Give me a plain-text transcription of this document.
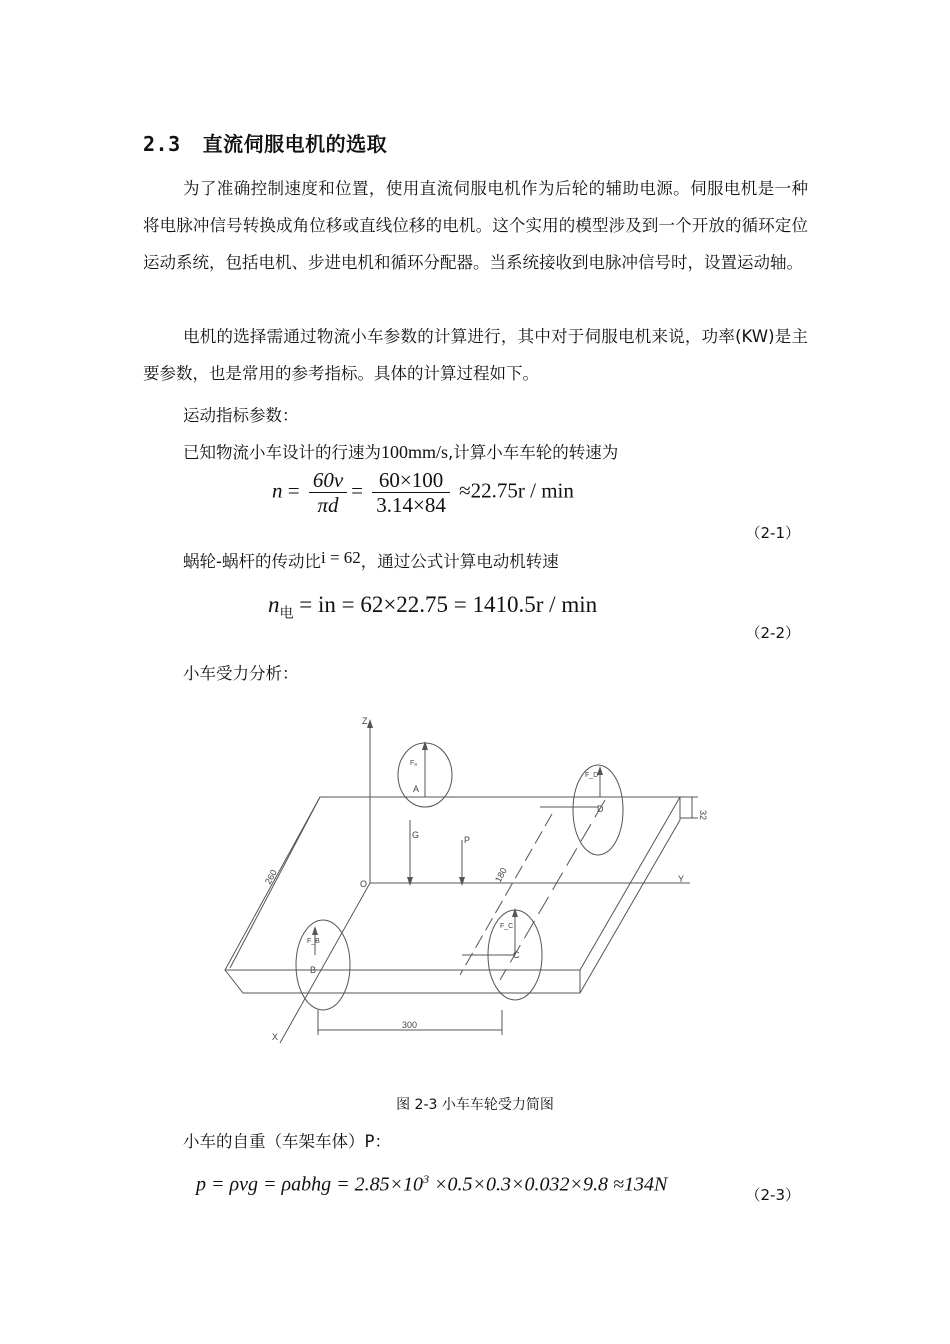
2.3 直流伺服电机的选取
为了准确控制速度和位置，使用直流伺服电机作为后轮的辅助电源。伺服电机是一种将电脉冲信号转换成角位移或直线位移的电机。这个实用的模型涉及到一个开放的循环定位运动系统，包括电机、步进电机和循环分配器。当系统接收到电脉冲信号时，设置运动轴。
电机的选择需通过物流小车参数的计算进行，其中对于伺服电机来说，功率(KW)是主要参数，也是常用的参考指标。具体的计算过程如下。
运动指标参数：
已知物流小车设计的行速为100mm/s,计算小车车轮的转速为
$n = \frac{60v}{\pi d} = \frac{60\times 100}{3.14\times 84} \approx 22.75r / \min$
（2-1）
蜗轮-蜗杆的传动比i = 62，通过公式计算电动机转速
$n_电$ = in = 62×22.75 = 1410.5r / min
（2-2）
小车受力分析：
Z
Y
X
O
A
D
B
C
G	P
Fₐ
F_D
F_B
F_C
260	180
300
32
图 2-3 小车车轮受力简图
小车的自重（车架车体）P：
p = ρvg = ρabhg = $2.85\times 10^3 \times 0.5\times 0.3\times 0.032\times 9.8 \approx 134N$	（2-3）
